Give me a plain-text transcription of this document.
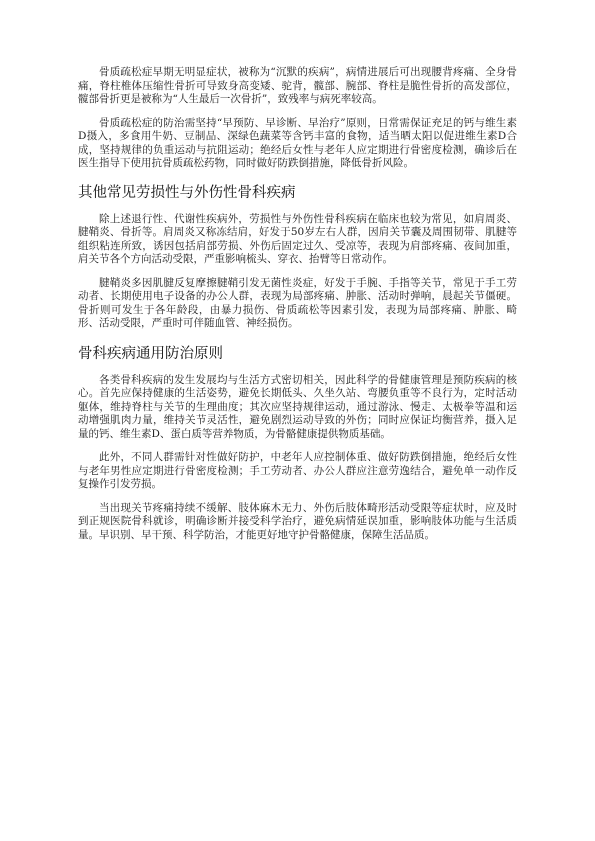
骨质疏松症早期无明显症状，被称为“沉默的疾病”，病情进展后可出现腰背疼痛、全身骨痛，脊柱椎体压缩性骨折可导致身高变矮、驼背，髋部、腕部、脊柱是脆性骨折的高发部位，髋部骨折更是被称为“人生最后一次骨折”，致残率与病死率较高。

骨质疏松症的防治需坚持“早预防、早诊断、早治疗”原则，日常需保证充足的钙与维生素D摄入，多食用牛奶、豆制品、深绿色蔬菜等含钙丰富的食物，适当晒太阳以促进维生素D合成，坚持规律的负重运动与抗阻运动；绝经后女性与老年人应定期进行骨密度检测，确诊后在医生指导下使用抗骨质疏松药物，同时做好防跌倒措施，降低骨折风险。

其他常见劳损性与外伤性骨科疾病

除上述退行性、代谢性疾病外，劳损性与外伤性骨科疾病在临床也较为常见，如肩周炎、腱鞘炎、骨折等。肩周炎又称冻结肩，好发于50岁左右人群，因肩关节囊及周围韧带、肌腱等组织粘连所致，诱因包括肩部劳损、外伤后固定过久、受凉等，表现为肩部疼痛、夜间加重，肩关节各个方向活动受限，严重影响梳头、穿衣、抬臂等日常动作。

腱鞘炎多因肌腱反复摩擦腱鞘引发无菌性炎症，好发于手腕、手指等关节，常见于手工劳动者、长期使用电子设备的办公人群，表现为局部疼痛、肿胀、活动时弹响，晨起关节僵硬。骨折则可发生于各年龄段，由暴力损伤、骨质疏松等因素引发，表现为局部疼痛、肿胀、畸形、活动受限，严重时可伴随血管、神经损伤。

骨科疾病通用防治原则

各类骨科疾病的发生发展均与生活方式密切相关，因此科学的骨健康管理是预防疾病的核心。首先应保持健康的生活姿势，避免长期低头、久坐久站、弯腰负重等不良行为，定时活动躯体，维持脊柱与关节的生理曲度；其次应坚持规律运动，通过游泳、慢走、太极拳等温和运动增强肌肉力量，维持关节灵活性，避免剧烈运动导致的外伤；同时应保证均衡营养，摄入足量的钙、维生素D、蛋白质等营养物质，为骨骼健康提供物质基础。

此外，不同人群需针对性做好防护，中老年人应控制体重、做好防跌倒措施，绝经后女性与老年男性应定期进行骨密度检测；手工劳动者、办公人群应注意劳逸结合，避免单一动作反复操作引发劳损。

当出现关节疼痛持续不缓解、肢体麻木无力、外伤后肢体畸形活动受限等症状时，应及时到正规医院骨科就诊，明确诊断并接受科学治疗，避免病情延误加重，影响肢体功能与生活质量。早识别、早干预、科学防治，才能更好地守护骨骼健康，保障生活品质。
